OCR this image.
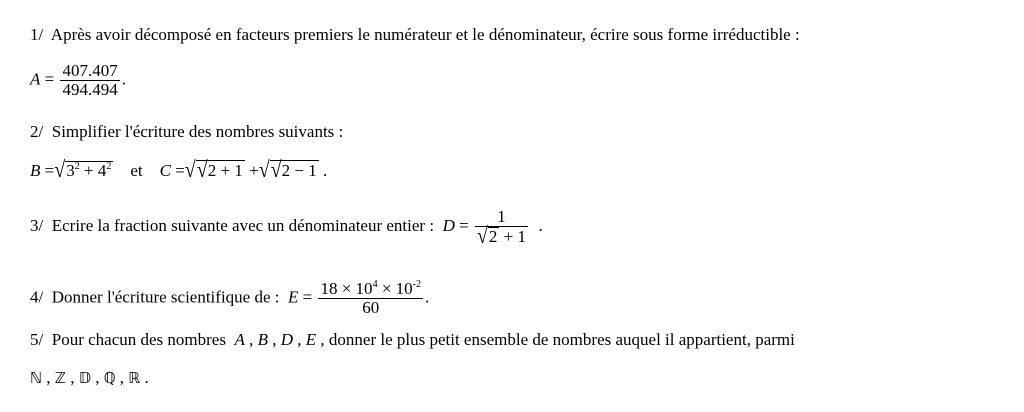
1/ Après avoir décomposé en facteurs premiers le numérateur et le dénominateur, écrire sous forme irréductible :
$A = \frac{407.407}{494.494}$ .
2/ Simplifier l'écriture des nombres suivants :
$B =√3^2 + 4^2$ et C =√√2 + 1 +√√2 − 1 .
3/ Ecrire la fraction suivante avec un dénominateur entier : $D = \frac{1}{√2 + 1}$ .
4/ Donner l'écriture scientifique de : $E = \frac{18 \times 10^4 \times 10^{-2}}{60}$ .
5/ Pour chacun des nombres A , B , D , E , donner le plus petit ensemble de nombres auquel il appartient, parmi
ℕ , ℤ , 𝔻 , ℚ , ℝ .
